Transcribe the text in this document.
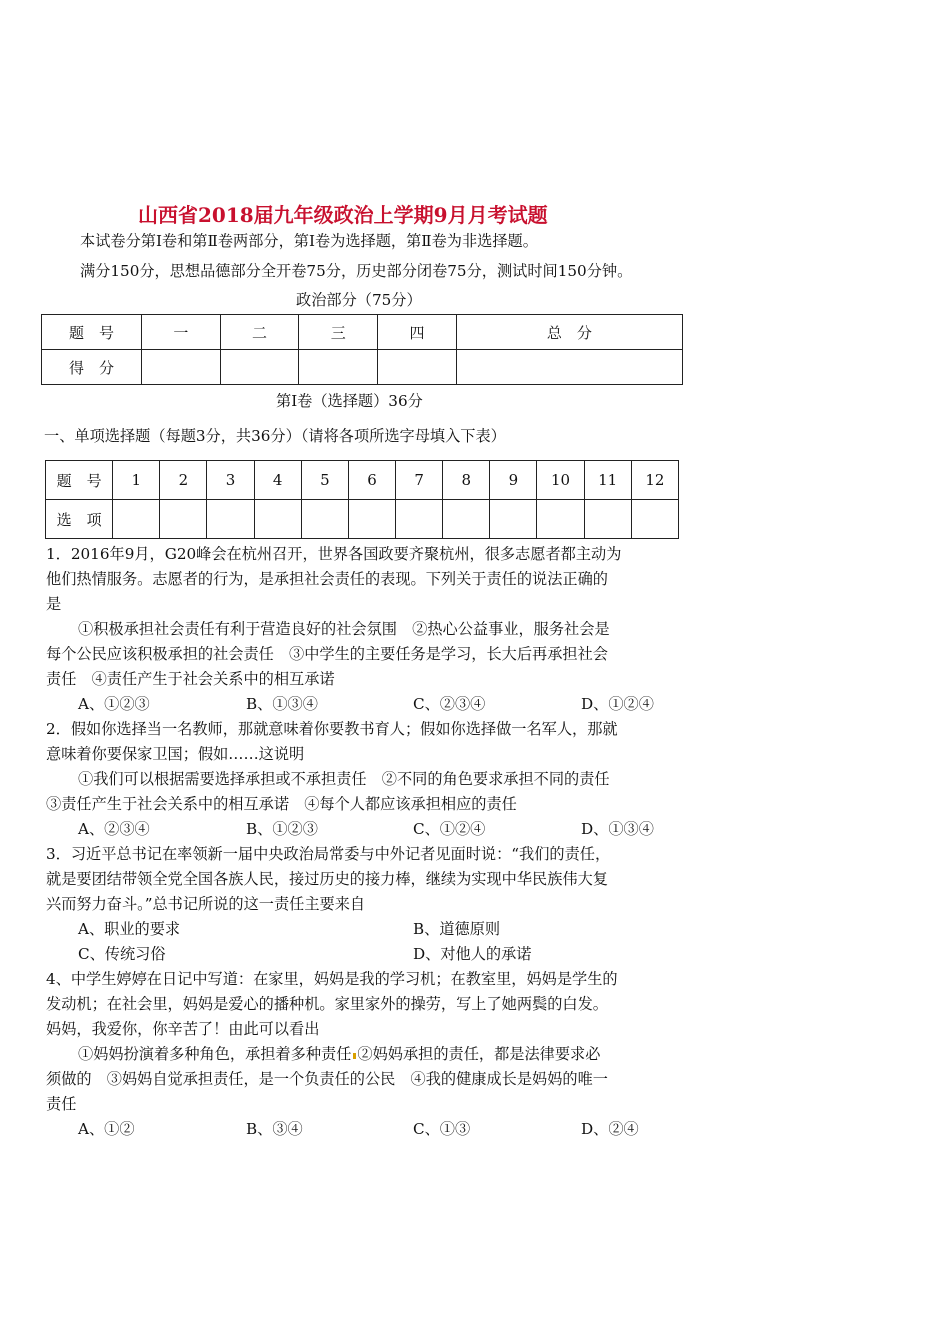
山西省2018届九年级政治上学期9月月考试题
本试卷分第Ⅰ卷和第Ⅱ卷两部分，第Ⅰ卷为选择题，第Ⅱ卷为非选择题。
满分150分，思想品德部分全开卷75分，历史部分闭卷75分，测试时间150分钟。
政治部分（75分）
题　号	一	二	三	四	总　分
得　分					
第Ⅰ卷（选择题）36分
一、单项选择题（每题3分，共36分）（请将各项所选字母填入下表）
题　号	1	2	3	4	5	6	7	8	9	10	11	12
选　项												
1．2016年9月，G20峰会在杭州召开，世界各国政要齐聚杭州，很多志愿者都主动为
他们热情服务。志愿者的行为，是承担社会责任的表现。下列关于责任的说法正确的
是
①积极承担社会责任有利于营造良好的社会氛围　②热心公益事业，服务社会是
每个公民应该积极承担的社会责任　③中学生的主要任务是学习，长大后再承担社会
责任　④责任产生于社会关系中的相互承诺
A、①②③	B、①③④	C、②③④	D、①②④
2．假如你选择当一名教师，那就意味着你要教书育人；假如你选择做一名军人，那就
意味着你要保家卫国；假如……这说明
①我们可以根据需要选择承担或不承担责任　②不同的角色要求承担不同的责任
③责任产生于社会关系中的相互承诺　④每个人都应该承担相应的责任
A、②③④	B、①②③	C、①②④	D、①③④
3．习近平总书记在率领新一届中央政治局常委与中外记者见面时说：“我们的责任，
就是要团结带领全党全国各族人民，接过历史的接力棒，继续为实现中华民族伟大复
兴而努力奋斗。”总书记所说的这一责任主要来自
A、职业的要求	B、道德原则
C、传统习俗	D、对他人的承诺
4、中学生婷婷在日记中写道：在家里，妈妈是我的学习机；在教室里，妈妈是学生的
发动机；在社会里，妈妈是爱心的播种机。家里家外的操劳，写上了她两鬓的白发。
妈妈，我爱你，你辛苦了！由此可以看出
①妈妈扮演着多种角色，承担着多种责任 ②妈妈承担的责任，都是法律要求必
须做的　③妈妈自觉承担责任，是一个负责任的公民　④我的健康成长是妈妈的唯一
责任
A、①②	B、③④	C、①③	D、②④
